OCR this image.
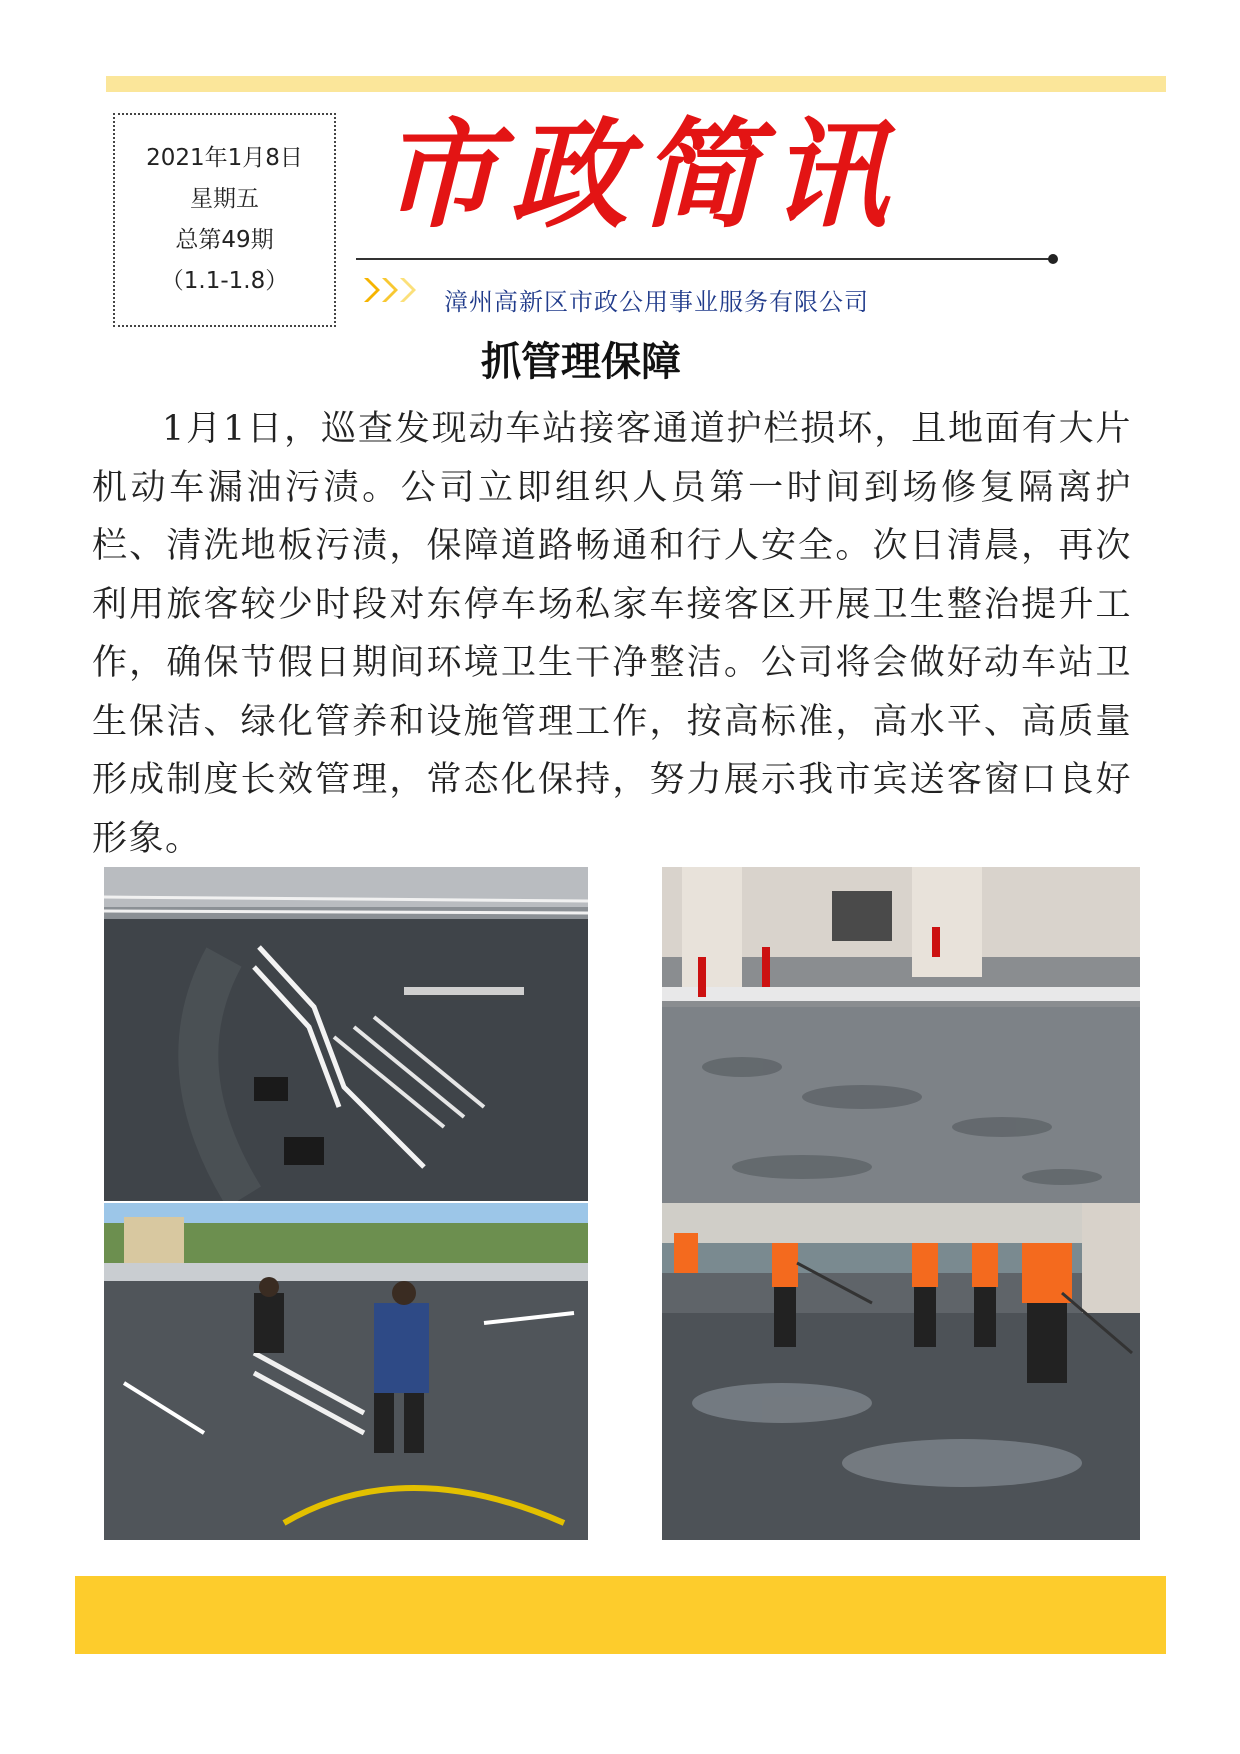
2021年1月8日
星期五
总第49期
（1.1-1.8）
市政简讯
漳州高新区市政公用事业服务有限公司
抓管理保障

1月1日，巡查发现动车站接客通道护栏损坏，且地面有大片机动车漏油污渍。公司立即组织人员第一时间到场修复隔离护栏、清洗地板污渍，保障道路畅通和行人安全。次日清晨，再次利用旅客较少时段对东停车场私家车接客区开展卫生整治提升工作，确保节假日期间环境卫生干净整洁。公司将会做好动车站卫生保洁、绿化管养和设施管理工作，按高标准，高水平、高质量形成制度长效管理，常态化保持，努力展示我市宾送客窗口良好形象。
